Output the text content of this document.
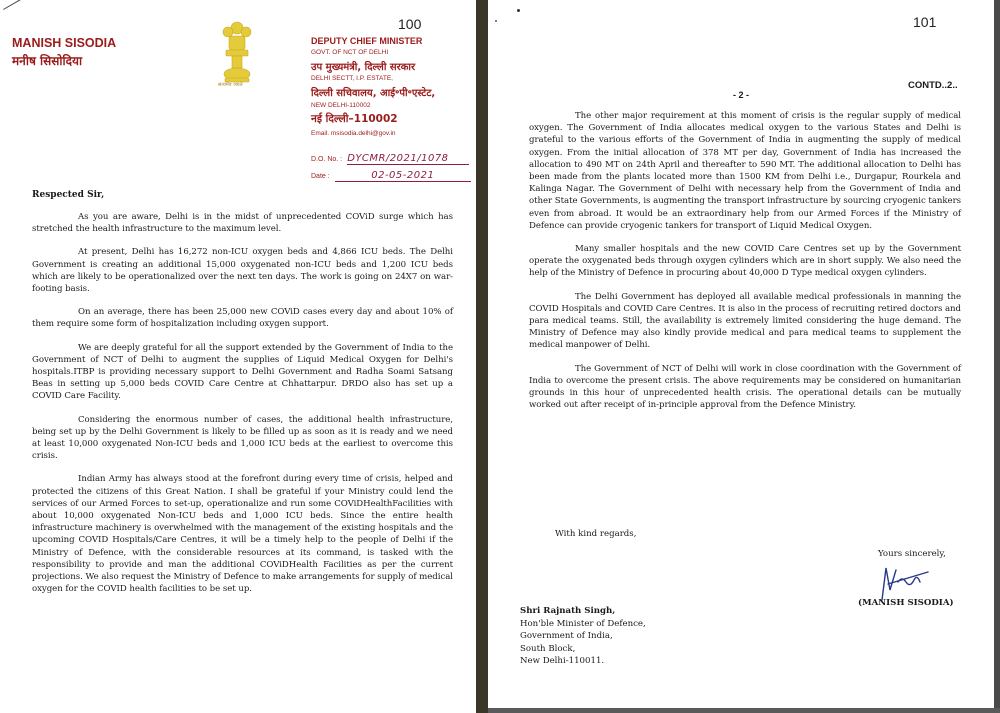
100
MANISH SISODIA
मनीष सिसोदिया
सत्यमेव जयते
DEPUTY CHIEF MINISTER
GOVT. OF NCT OF DELHI
उप मुख्यमंत्री, दिल्ली सरकार
DELHI SECTT, I.P. ESTATE,
दिल्ली सचिवालय, आई॰पी॰एस्टेट,
NEW DELHI-110002
नई दिल्ली–110002
Email. msisodia.delhi@gov.in
D.O. No. : DYCMR/2021/1078
Date :	02-05-2021
Respected Sir,

As you are aware, Delhi is in the midst of unprecedented COViD surge which has stretched the health infrastructure to the maximum level.

At present, Delhi has 16,272 non-ICU oxygen beds and 4,866 ICU beds. The Delhi Government is creating an additional 15,000 oxygenated non-ICU beds and 1,200 ICU beds which are likely to be operationalized over the next ten days. The work is going on 24X7 on war-footing basis.

On an average, there has been 25,000 new COViD cases every day and about 10% of them require some form of hospitalization including oxygen support.

We are deeply grateful for all the support extended by the Government of India to the Government of NCT of Delhi to augment the supplies of Liquid Medical Oxygen for Delhi's hospitals.ITBP is providing necessary support to Delhi Government and Radha Soami Satsang Beas in setting up 5,000 beds COVID Care Centre at Chhattarpur. DRDO also has set up a COVID Care Facility.

Considering the enormous number of cases, the additional health infrastructure, being set up by the Delhi Government is likely to be filled up as soon as it is ready and we need at least 10,000 oxygenated Non-ICU beds and 1,000 ICU beds at the earliest to overcome this crisis.

Indian Army has always stood at the forefront during every time of crisis, helped and protected the citizens of this Great Nation. I shall be grateful if your Ministry could lend the services of our Armed Forces to set-up, operationalize and run some COViDHealthFacilities with about 10,000 oxygenated Non-ICU beds and 1,000 ICU beds. Since the entire health infrastructure machinery is overwhelmed with the management of the existing hospitals and the upcoming COVID Hospitals/Care Centres, it will be a timely help to the people of Delhi if the Ministry of Defence, with the considerable resources at its command, is tasked with the responsibility to provide and man the additional COViDHealth Facilities as per the current projections. We also request the Ministry of Defence to make arrangements for supply of medical oxygen for the COVID health facilities to be set up.

101
CONTD..2..
- 2 -

The other major requirement at this moment of crisis is the regular supply of medical oxygen. The Government of India allocates medical oxygen to the various States and Delhi is grateful to the various efforts of the Government of India in augmenting the supply of medical oxygen. From the initial allocation of 378 MT per day, Government of India has increased the allocation to 490 MT on 24th April and thereafter to 590 MT. The additional allocation to Delhi has been made from the plants located more than 1500 KM from Delhi i.e., Durgapur, Rourkela and Kalinga Nagar. The Government of Delhi with necessary help from the Government of India and other State Governments, is augmenting the transport infrastructure by sourcing cryogenic tankers even from abroad. It would be an extraordinary help from our Armed Forces if the Ministry of Defence can provide cryogenic tankers for transport of Liquid Medical Oxygen.

Many smaller hospitals and the new COVID Care Centres set up by the Government operate the oxygenated beds through oxygen cylinders which are in short supply. We also need the help of the Ministry of Defence in procuring about 40,000 D Type medical oxygen cylinders.

The Delhi Government has deployed all available medical professionals in manning the COVID Hospitals and COVID Care Centres. It is also in the process of recruiting retired doctors and para medical teams. Still, the availability is extremely limited considering the huge demand. The Ministry of Defence may also kindly provide medical and para medical teams to supplement the medical manpower of Delhi.

The Government of NCT of Delhi will work in close coordination with the Government of India to overcome the present crisis. The above requirements may be considered on humanitarian grounds in this hour of unprecedented health crisis. The operational details can be mutually worked out after receipt of in-principle approval from the Defence Ministry.

With kind regards,
Yours sincerely,
(MANISH SISODIA)
Shri Rajnath Singh,
Hon'ble Minister of Defence,
Government of India,
South Block,
New Delhi-110011.
